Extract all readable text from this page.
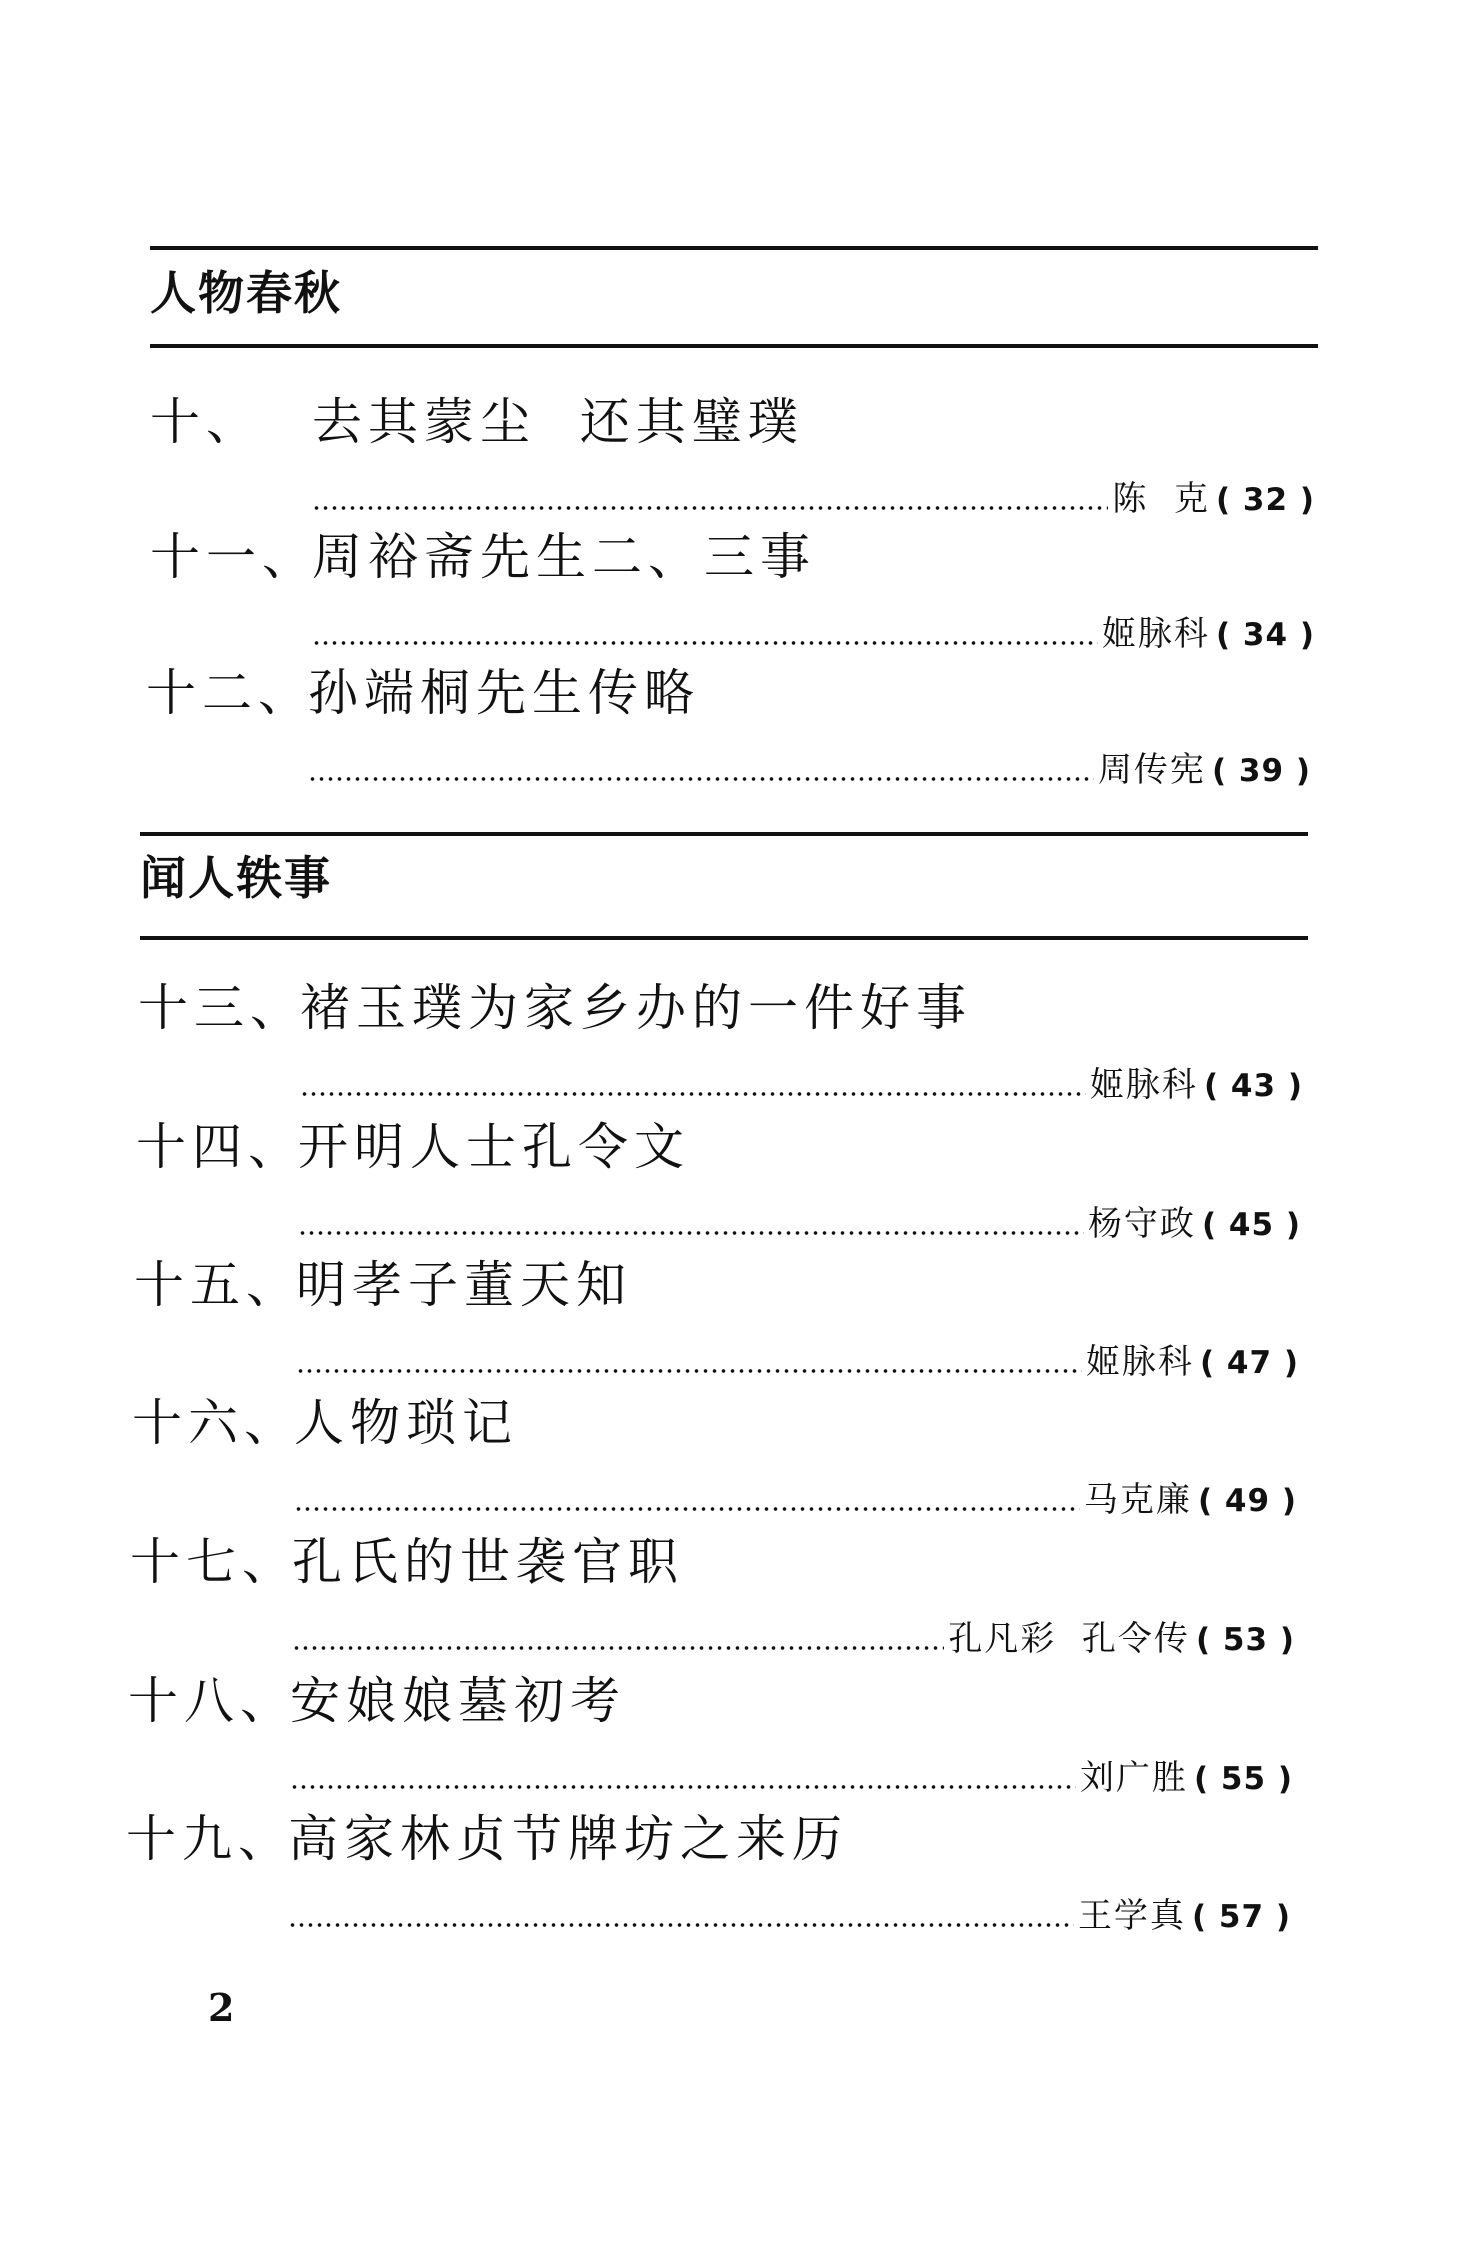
人物春秋
十、 去其蒙尘  还其璧璞
陈  克 ( 32 )
十一、
周裕斋先生二、三事
姬脉科 ( 34 )
十二、
孙端桐先生传略
周传宪 ( 39 )
闻人轶事
十三、
褚玉璞为家乡办的一件好事
姬脉科 ( 43 )
十四、
开明人士孔令文
杨守政 ( 45 )
十五、
明孝子董天知
姬脉科 ( 47 )
十六、
人物琐记
马克廉 ( 49 )
十七、
孔氏的世袭官职
孔凡彩  孔令传 ( 53 )
十八、
安娘娘墓初考
刘广胜 ( 55 )
十九、
高家林贞节牌坊之来历
王学真 ( 57 )
2
